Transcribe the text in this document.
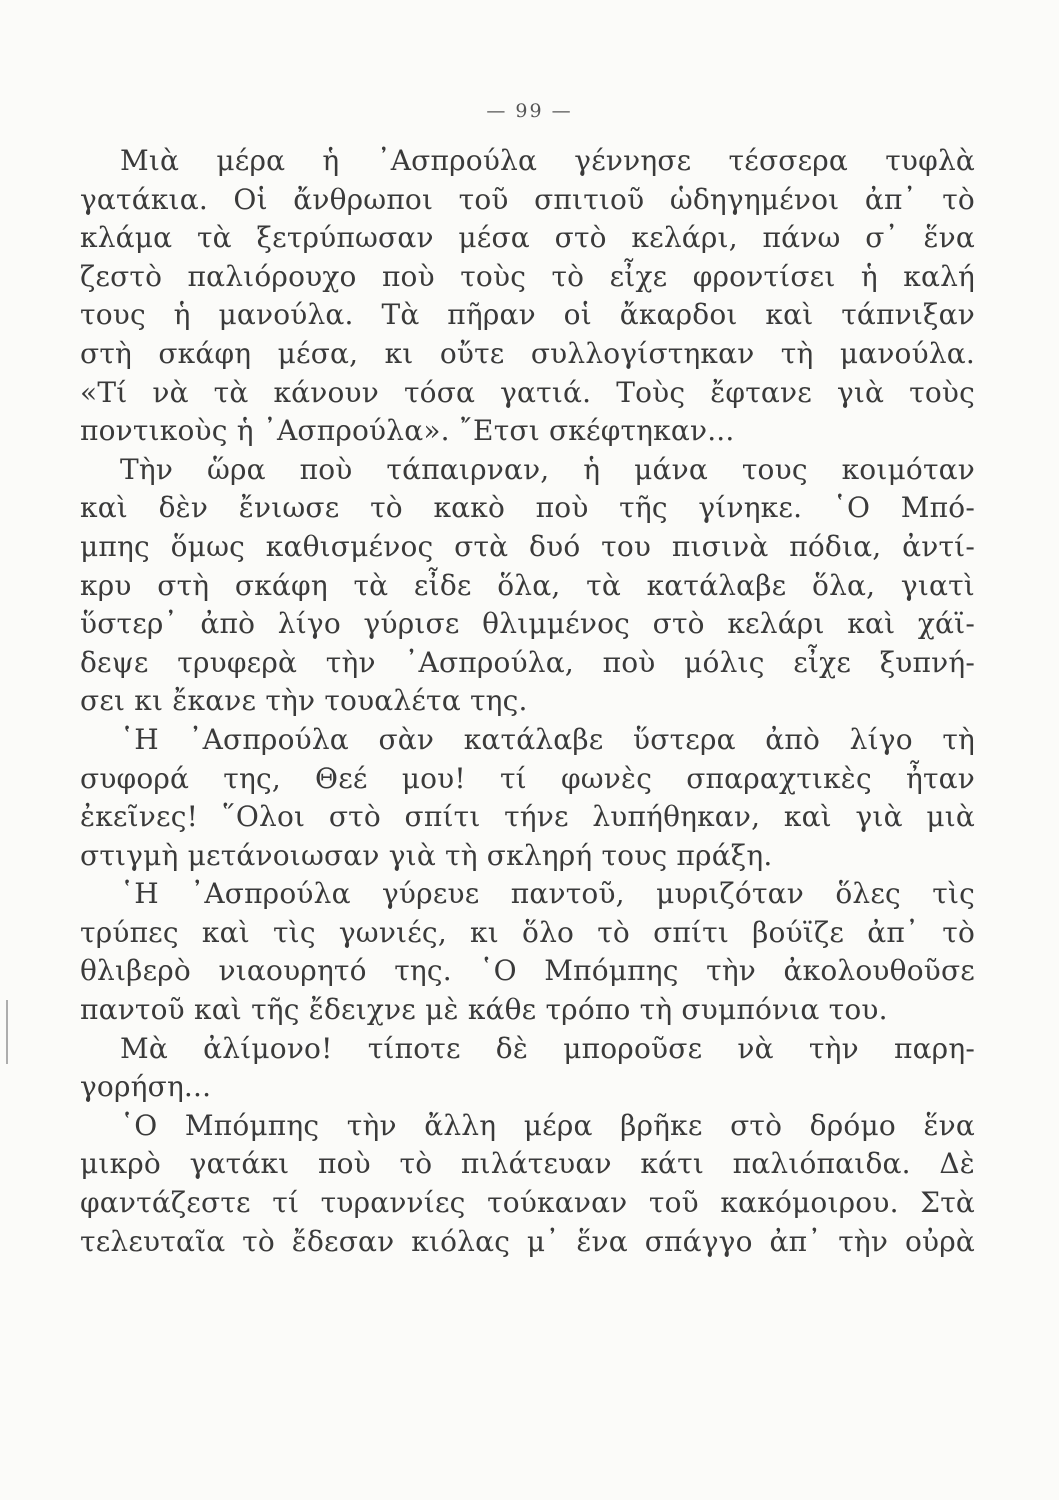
— 99 —
Μιὰ μέρα ἡ ᾿Ασπρούλα γέννησε τέσσερα τυφλὰ
γατάκια. Οἱ ἄνθρωποι τοῦ σπιτιοῦ ὡδηγημένοι ἀπ᾿ τὸ
κλάμα τὰ ξετρύπωσαν μέσα στὸ κελάρι, πάνω σ᾿ ἕνα
ζεστὸ παλιόρουχο ποὺ τοὺς τὸ εἶχε φροντίσει ἡ καλή
τους ἡ μανούλα. Τὰ πῆραν οἱ ἄκαρδοι καὶ τάπνιξαν
στὴ σκάφη μέσα, κι οὔτε συλλογίστηκαν τὴ μανούλα.
«Τί νὰ τὰ κάνουν τόσα γατιά. Τοὺς ἔφτανε γιὰ τοὺς
ποντικοὺς ἡ ᾿Ασπρούλα». ῎Ετσι σκέφτηκαν...
Τὴν ὥρα ποὺ τάπαιρναν, ἡ μάνα τους κοιμόταν
καὶ δὲν ἔνιωσε τὸ κακὸ ποὺ τῆς γίνηκε. ῾Ο Μπό-
μπης ὅμως καθισμένος στὰ δυό του πισινὰ πόδια, ἀντί-
κρυ στὴ σκάφη τὰ εἶδε ὅλα, τὰ κατάλαβε ὅλα, γιατὶ
ὕστερ᾿ ἀπὸ λίγο γύρισε θλιμμένος στὸ κελάρι καὶ χάϊ-
δεψε τρυφερὰ τὴν ᾿Ασπρούλα, ποὺ μόλις εἶχε ξυπνή-
σει κι ἔκανε τὴν τουαλέτα της.
῾Η ᾿Ασπρούλα σὰν κατάλαβε ὕστερα ἀπὸ λίγο τὴ
συφορά της, Θεέ μου! τί φωνὲς σπαραχτικὲς ἦταν
ἐκεῖνες! ῞Ολοι στὸ σπίτι τήνε λυπήθηκαν, καὶ γιὰ μιὰ
στιγμὴ μετάνοιωσαν γιὰ τὴ σκληρή τους πράξη.
῾Η ᾿Ασπρούλα γύρευε παντοῦ, μυριζόταν ὅλες τὶς
τρύπες καὶ τὶς γωνιές, κι ὅλο τὸ σπίτι βούϊζε ἀπ᾿ τὸ
θλιβερὸ νιαουρητό της. ῾Ο Μπόμπης τὴν ἀκολουθοῦσε
παντοῦ καὶ τῆς ἔδειχνε μὲ κάθε τρόπο τὴ συμπόνια του.
Μὰ ἀλίμονο! τίποτε δὲ μποροῦσε νὰ τὴν παρη-
γορήση...
῾Ο Μπόμπης τὴν ἄλλη μέρα βρῆκε στὸ δρόμο ἕνα
μικρὸ γατάκι ποὺ τὸ πιλάτευαν κάτι παλιόπαιδα. Δὲ
φαντάζεστε τί τυραννίες τούκαναν τοῦ κακόμοιρου. Στὰ
τελευταῖα τὸ ἔδεσαν κιόλας μ᾿ ἕνα σπάγγο ἀπ᾿ τὴν οὐρὰ
